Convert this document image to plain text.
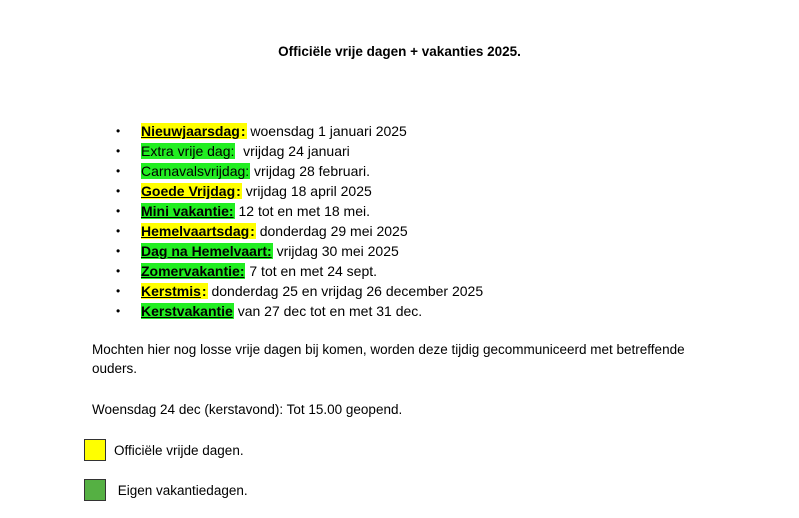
Officiële vrije dagen + vakanties 2025.
• Nieuwjaarsdag: woensdag 1 januari 2025
• Extra vrije dag:  vrijdag 24 januari
• Carnavalsvrijdag: vrijdag 28 februari.
• Goede Vrijdag: vrijdag 18 april 2025
• Mini vakantie: 12 tot en met 18 mei.
• Hemelvaartsdag: donderdag 29 mei 2025
• Dag na Hemelvaart: vrijdag 30 mei 2025
• Zomervakantie: 7 tot en met 24 sept.
• Kerstmis: donderdag 25 en vrijdag 26 december 2025
• Kerstvakantie van 27 dec tot en met 31 dec.
Mochten hier nog losse vrije dagen bij komen, worden deze tijdig gecommuniceerd met betreffende ouders.
Woensdag 24 dec (kerstavond): Tot 15.00 geopend.
Officiële vrijde dagen.
Eigen vakantiedagen.
